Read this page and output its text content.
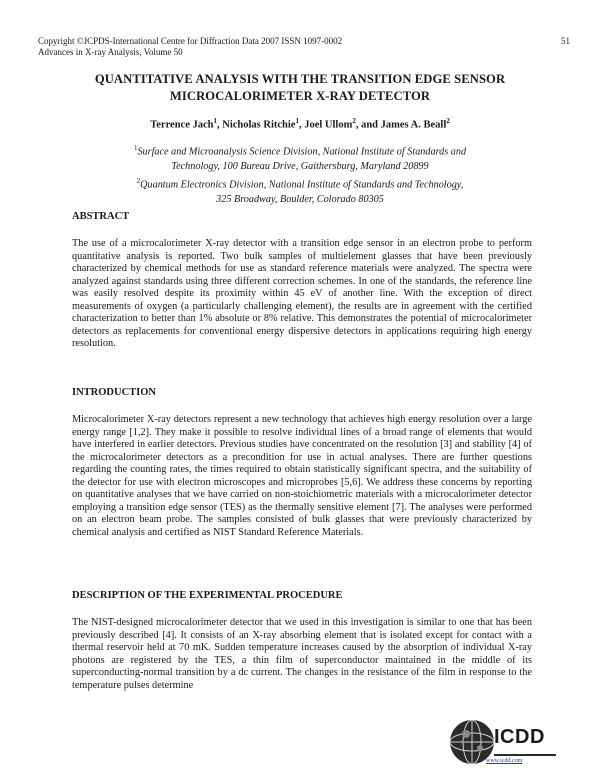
Copyright ©JCPDS-International Centre for Diffraction Data 2007 ISSN 1097-0002
Advances in X-ray Analysis, Volume 50
51
QUANTITATIVE ANALYSIS WITH THE TRANSITION EDGE SENSOR
MICROCALORIMETER X-RAY DETECTOR
Terrence Jach$^1$, Nicholas Ritchie$^1$, Joel Ullom$^2$, and James A. Beall$^2$
$^1$Surface and Microanalysis Science Division, National Institute of Standards and
Technology, 100 Bureau Drive, Gaithersburg, Maryland 20899
$^2$Quantum Electronics Division, National Institute of Standards and Technology,
325 Broadway, Boulder, Colorado 80305
ABSTRACT

The use of a microcalorimeter X-ray detector with a transition edge sensor in an electron probe to perform quantitative analysis is reported. Two bulk samples of multielement glasses that have been previously characterized by chemical methods for use as standard reference materials were analyzed. The spectra were analyzed against standards using three different correction schemes. In one of the standards, the reference line was easily resolved despite its proximity within 45 eV of another line. With the exception of direct measurements of oxygen (a particularly challenging element), the results are in agreement with the certified characterization to better than 1% absolute or 8% relative. This demonstrates the potential of microcalorimeter detectors as replacements for conventional energy dispersive detectors in applications requiring high energy resolution.

INTRODUCTION

Microcalorimeter X-ray detectors represent a new technology that achieves high energy resolution over a large energy range [1,2]. They make it possible to resolve individual lines of a broad range of elements that would have interfered in earlier detectors. Previous studies have concentrated on the resolution [3] and stability [4] of the microcalorimeter detectors as a precondition for use in actual analyses. There are further questions regarding the counting rates, the times required to obtain statistically significant spectra, and the suitability of the detector for use with electron microscopes and microprobes [5,6]. We address these concerns by reporting on quantitative analyses that we have carried on non-stoichiometric materials with a microcalorimeter detector employing a transition edge sensor (TES) as the thermally sensitive element [7]. The analyses were performed on an electron beam probe. The samples consisted of bulk glasses that were previously characterized by chemical analysis and certified as NIST Standard Reference Materials.

DESCRIPTION OF THE EXPERIMENTAL PROCEDURE

The NIST-designed microcalorimeter detector that we used in this investigation is similar to one that has been previously described [4]. It consists of an X-ray absorbing element that is isolated except for contact with a thermal reservoir held at 70 mK. Sudden temperature increases caused by the absorption of individual X-ray photons are registered by the TES, a thin film of superconductor maintained in the middle of its superconducting-normal transition by a dc current. The changes in the resistance of the film in response to the temperature pulses determine

ICDD
www.icdd.com
